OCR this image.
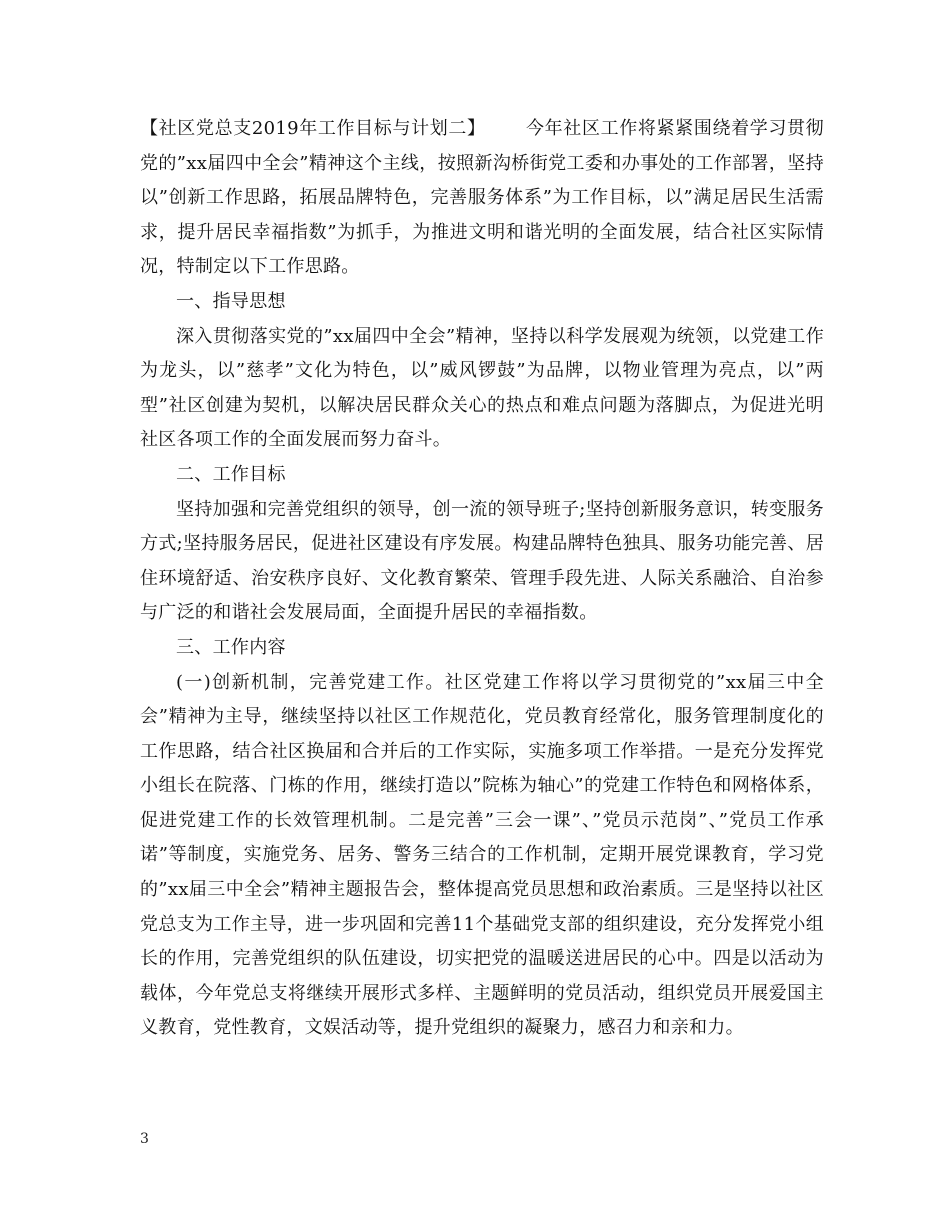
【社区党总支2019年工作目标与计划二】 今年社区工作将紧紧围绕着学习贯彻党的”xx届四中全会”精神这个主线，按照新沟桥街党工委和办事处的工作部署，坚持以”创新工作思路，拓展品牌特色，完善服务体系”为工作目标，以”满足居民生活需求，提升居民幸福指数”为抓手，为推进文明和谐光明的全面发展，结合社区实际情况，特制定以下工作思路。

一、指导思想

深入贯彻落实党的”xx届四中全会”精神，坚持以科学发展观为统领，以党建工作为龙头，以”慈孝”文化为特色，以”威风锣鼓”为品牌，以物业管理为亮点，以”两型”社区创建为契机，以解决居民群众关心的热点和难点问题为落脚点，为促进光明社区各项工作的全面发展而努力奋斗。

二、工作目标

坚持加强和完善党组织的领导，创一流的领导班子;坚持创新服务意识，转变服务方式;坚持服务居民，促进社区建设有序发展。构建品牌特色独具、服务功能完善、居住环境舒适、治安秩序良好、文化教育繁荣、管理手段先进、人际关系融洽、自治参与广泛的和谐社会发展局面，全面提升居民的幸福指数。

三、工作内容

(一)创新机制，完善党建工作。社区党建工作将以学习贯彻党的”xx届三中全会”精神为主导，继续坚持以社区工作规范化，党员教育经常化，服务管理制度化的工作思路，结合社区换届和合并后的工作实际，实施多项工作举措。一是充分发挥党小组长在院落、门栋的作用，继续打造以”院栋为轴心”的党建工作特色和网格体系，促进党建工作的长效管理机制。二是完善”三会一课”、”党员示范岗”、”党员工作承诺”等制度，实施党务、居务、警务三结合的工作机制，定期开展党课教育，学习党的”xx届三中全会”精神主题报告会，整体提高党员思想和政治素质。三是坚持以社区党总支为工作主导，进一步巩固和完善11个基础党支部的组织建设，充分发挥党小组长的作用，完善党组织的队伍建设，切实把党的温暖送进居民的心中。四是以活动为载体，今年党总支将继续开展形式多样、主题鲜明的党员活动，组织党员开展爱国主义教育，党性教育，文娱活动等，提升党组织的凝聚力，感召力和亲和力。

3
